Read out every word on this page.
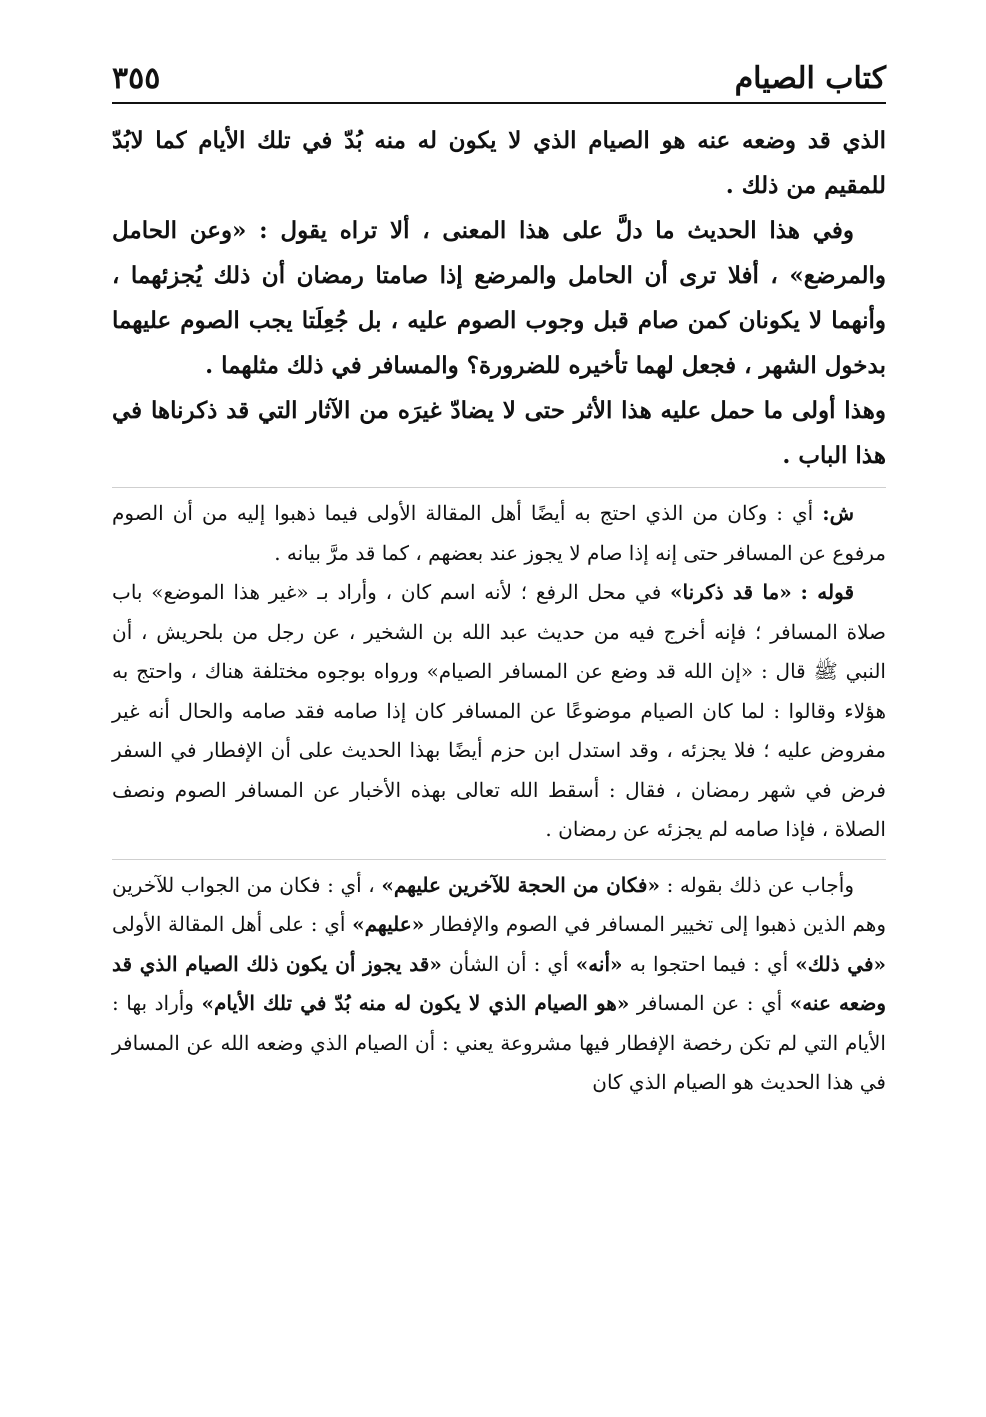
كتاب الصيام
٣٥٥

الذي قد وضعه عنه هو الصيام الذي لا يكون له منه بُدّ في تلك الأيام كما لابُدّ للمقيم من ذلك .

وفي هذا الحديث ما دلَّ على هذا المعنى ، ألا تراه يقول : «وعن الحامل والمرضع» ، أفلا ترى أن الحامل والمرضع إذا صامتا رمضان أن ذلك يُجزئهما ، وأنهما لا يكونان كمن صام قبل وجوب الصوم عليه ، بل جُعِلَتا يجب الصوم عليهما بدخول الشهر ، فجعل لهما تأخيره للضرورة؟ والمسافر في ذلك مثلهما .

وهذا أولى ما حمل عليه هذا الأثر حتى لا يضادّ غيرَه من الآثار التي قد ذكرناها في هذا الباب .

ش: أي : وكان من الذي احتج به أيضًا أهل المقالة الأولى فيما ذهبوا إليه من أن الصوم مرفوع عن المسافر حتى إنه إذا صام لا يجوز عند بعضهم ، كما قد مرَّ بيانه .

قوله : «ما قد ذكرنا» في محل الرفع ؛ لأنه اسم كان ، وأراد بـ «غير هذا الموضع» باب صلاة المسافر ؛ فإنه أخرج فيه من حديث عبد الله بن الشخير ، عن رجل من بلحريش ، أن النبي ﷺ قال : «إن الله قد وضع عن المسافر الصيام» ورواه بوجوه مختلفة هناك ، واحتج به هؤلاء وقالوا : لما كان الصيام موضوعًا عن المسافر كان إذا صامه فقد صامه والحال أنه غير مفروض عليه ؛ فلا يجزئه ، وقد استدل ابن حزم أيضًا بهذا الحديث على أن الإفطار في السفر فرض في شهر رمضان ، فقال : أسقط الله تعالى بهذه الأخبار عن المسافر الصوم ونصف الصلاة ، فإذا صامه لم يجزئه عن رمضان .

وأجاب عن ذلك بقوله : «فكان من الحجة للآخرين عليهم» ، أي : فكان من الجواب للآخرين وهم الذين ذهبوا إلى تخيير المسافر في الصوم والإفطار «عليهم» أي : على أهل المقالة الأولى «في ذلك» أي : فيما احتجوا به «أنه» أي : أن الشأن «قد يجوز أن يكون ذلك الصيام الذي قد وضعه عنه» أي : عن المسافر «هو الصيام الذي لا يكون له منه بُدّ في تلك الأيام» وأراد بها : الأيام التي لم تكن رخصة الإفطار فيها مشروعة يعني : أن الصيام الذي وضعه الله عن المسافر في هذا الحديث هو الصيام الذي كان
